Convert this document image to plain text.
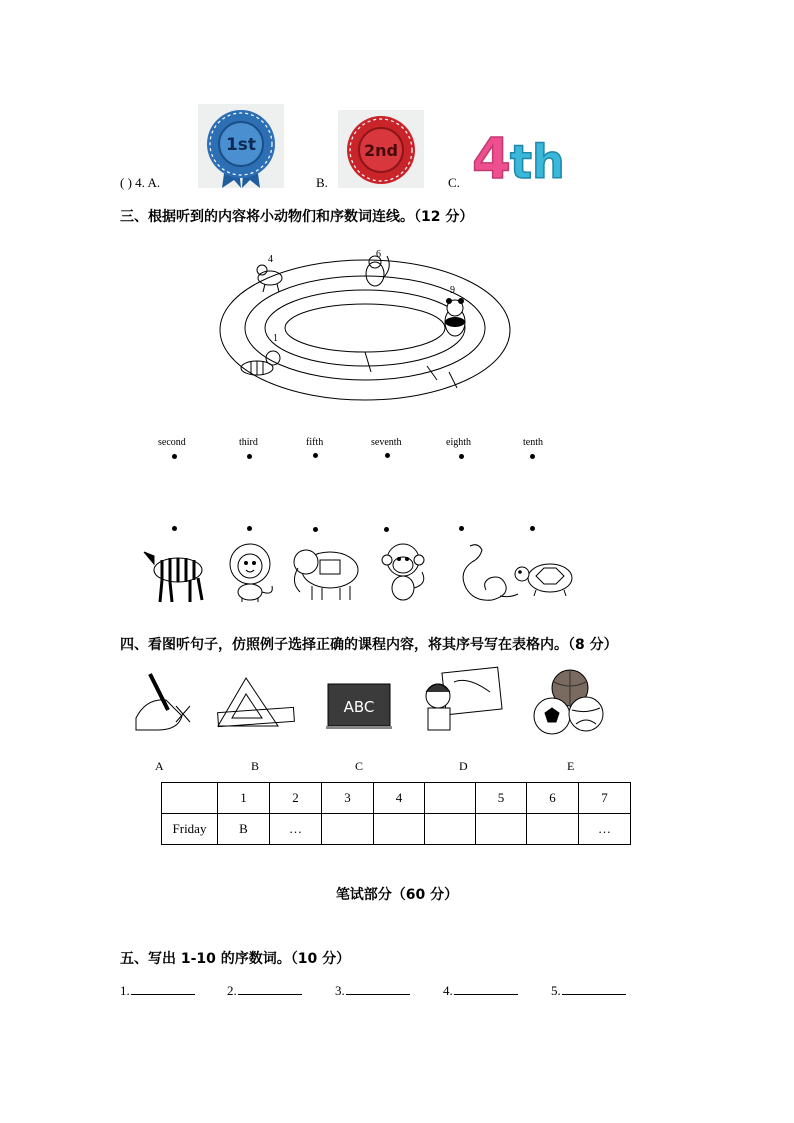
( ) 4. A.	B.	C.
1st	2nd 4 th
三、根据听到的内容将小动物们和序数词连线。（12 分）
4	6
9
1
second	third	fifth	seventh	eighth	tenth
四、看图听句子，仿照例子选择正确的课程内容，将其序号写在表格内。（8 分）
ABC
A	B	C	D	E
	1	2	3	4		5	6	7
Friday	B	…						…
笔试部分（60 分）
五、写出 1-10 的序数词。（10 分）
1.	2.	3.	4.	5.
